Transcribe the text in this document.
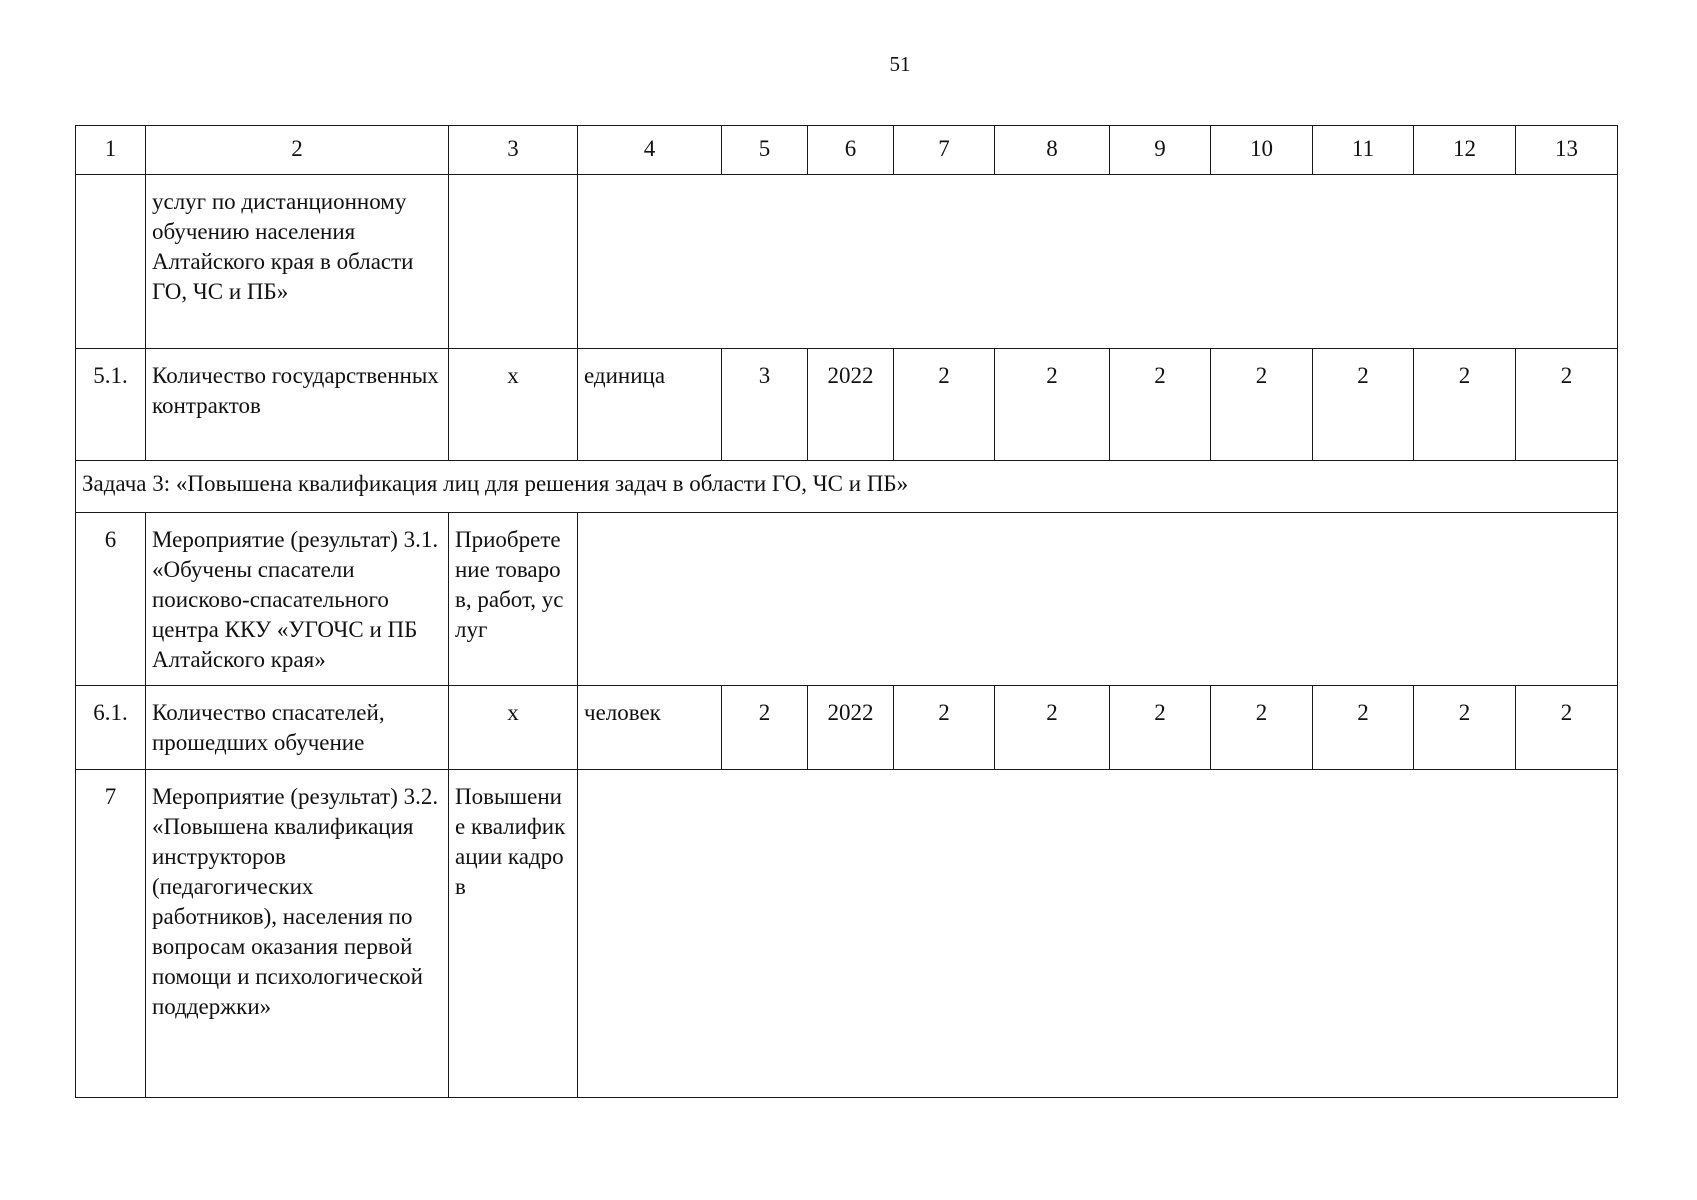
51
1	2	3	4	5	6	7	8	9	10	11	12	13
	услуг по дистанционному обучению населения Алтайского края в области ГО, ЧС и ПБ»											
5.1.	Количество государственных контрактов	х	единица	3	2022	2	2	2	2	2	2	2
Задача 3: «Повышена квалификация лиц для решения задач в области ГО, ЧС и ПБ»												
6	Мероприятие (результат) 3.1. «Обучены спасатели поисково-спасательного центра ККУ «УГОЧС и ПБ Алтайского края»	Приобретение товаров, работ, услуг										
6.1.	Количество спасателей, прошедших обучение	х	человек	2	2022	2	2	2	2	2	2	2
7	Мероприятие (результат) 3.2. «Повышена квалификация инструкторов (педагогических работников), населения по вопросам оказания первой помощи и психологической поддержки»	Повышение квалификации кадров										
